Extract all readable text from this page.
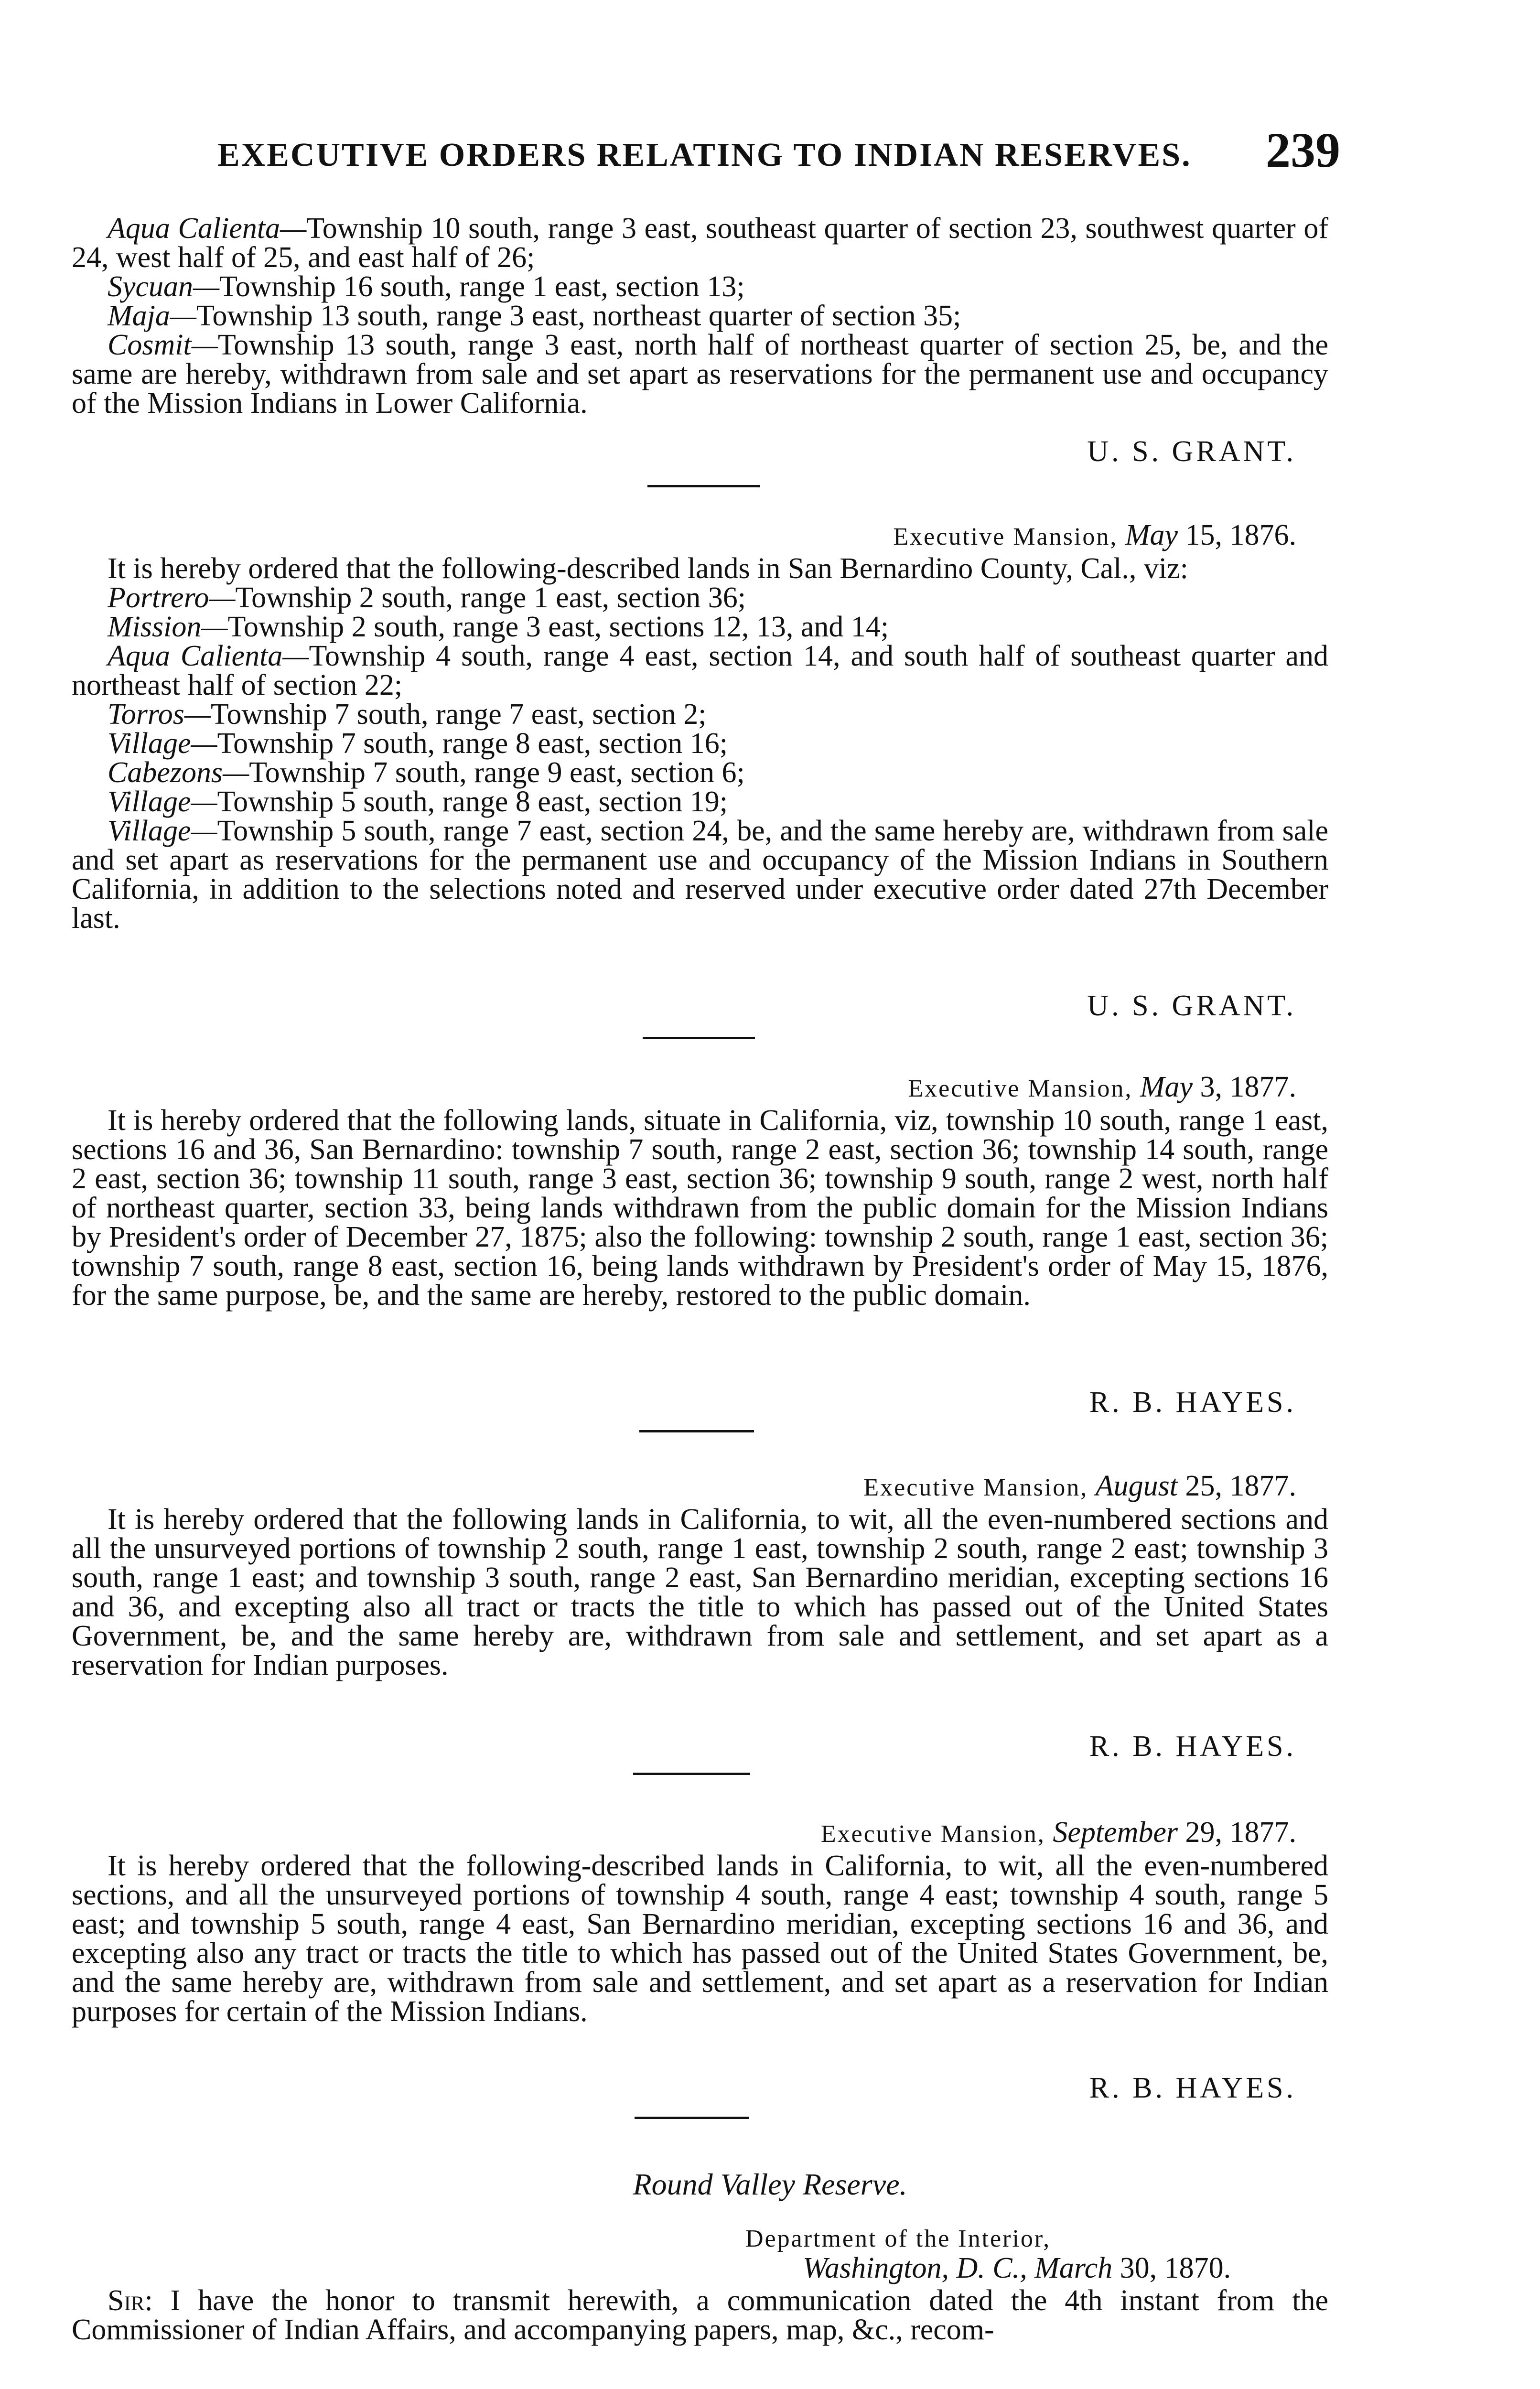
EXECUTIVE ORDERS RELATING TO INDIAN RESERVES. 239

Aqua Calienta—Township 10 south, range 3 east, southeast quarter of section 23, southwest quarter of 24, west half of 25, and east half of 26;

Sycuan—Township 16 south, range 1 east, section 13;

Maja—Township 13 south, range 3 east, northeast quarter of section 35;

Cosmit—Township 13 south, range 3 east, north half of northeast quarter of section 25, be, and the same are hereby, withdrawn from sale and set apart as reservations for the permanent use and occupancy of the Mission Indians in Lower California.

U. S. GRANT.
Executive Mansion, May 15, 1876.

It is hereby ordered that the following-described lands in San Bernardino County, Cal., viz:

Portrero—Township 2 south, range 1 east, section 36;

Mission—Township 2 south, range 3 east, sections 12, 13, and 14;

Aqua Calienta—Township 4 south, range 4 east, section 14, and south half of southeast quarter and northeast half of section 22;

Torros—Township 7 south, range 7 east, section 2;

Village—Township 7 south, range 8 east, section 16;

Cabezons—Township 7 south, range 9 east, section 6;

Village—Township 5 south, range 8 east, section 19;

Village—Township 5 south, range 7 east, section 24, be, and the same hereby are, withdrawn from sale and set apart as reservations for the permanent use and occupancy of the Mission Indians in Southern California, in addition to the selections noted and reserved under executive order dated 27th December last.

U. S. GRANT.
Executive Mansion, May 3, 1877.

It is hereby ordered that the following lands, situate in California, viz, township 10 south, range 1 east, sections 16 and 36, San Bernardino: township 7 south, range 2 east, section 36; township 14 south, range 2 east, section 36; township 11 south, range 3 east, section 36; township 9 south, range 2 west, north half of northeast quarter, section 33, being lands withdrawn from the public domain for the Mission Indians by President's order of December 27, 1875; also the following: township 2 south, range 1 east, section 36; township 7 south, range 8 east, section 16, being lands withdrawn by President's order of May 15, 1876, for the same purpose, be, and the same are hereby, restored to the public domain.

R. B. HAYES.
Executive Mansion, August 25, 1877.

It is hereby ordered that the following lands in California, to wit, all the even-numbered sections and all the unsurveyed portions of township 2 south, range 1 east, township 2 south, range 2 east; township 3 south, range 1 east; and township 3 south, range 2 east, San Bernardino meridian, excepting sections 16 and 36, and excepting also all tract or tracts the title to which has passed out of the United States Government, be, and the same hereby are, withdrawn from sale and settlement, and set apart as a reservation for Indian purposes.

R. B. HAYES.
Executive Mansion, September 29, 1877.

It is hereby ordered that the following-described lands in California, to wit, all the even-numbered sections, and all the unsurveyed portions of township 4 south, range 4 east; township 4 south, range 5 east; and township 5 south, range 4 east, San Bernardino meridian, excepting sections 16 and 36, and excepting also any tract or tracts the title to which has passed out of the United States Government, be, and the same hereby are, withdrawn from sale and settlement, and set apart as a reservation for Indian purposes for certain of the Mission Indians.

R. B. HAYES.
Round Valley Reserve.
Department of the Interior,
Washington, D. C., March 30, 1870.

Sir: I have the honor to transmit herewith, a communication dated the 4th instant from the Commissioner of Indian Affairs, and accompanying papers, map, &c., recom-
